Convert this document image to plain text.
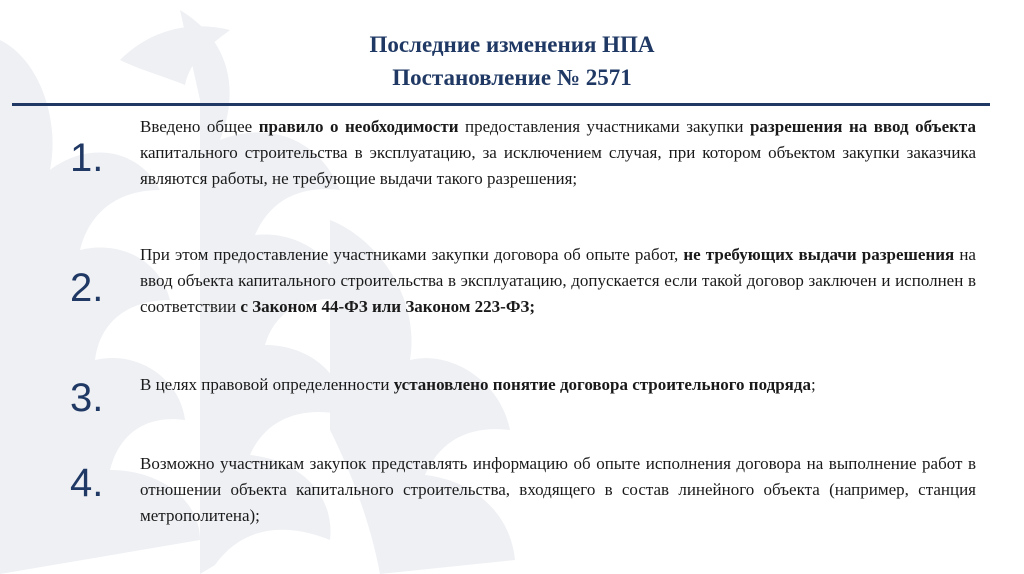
Последние изменения НПА
Постановление № 2571
1.

Введено общее правило о необходимости предоставления участниками закупки разрешения на ввод объекта капитального строительства в эксплуатацию, за исключением случая, при котором объектом закупки заказчика являются работы, не требующие выдачи такого разрешения;

2.

При этом предоставление участниками закупки договора об опыте работ, не требующих выдачи разрешения на ввод объекта капитального строительства в эксплуатацию, допускается если такой договор заключен и исполнен в соответствии с Законом 44-ФЗ или Законом 223-ФЗ;

3.	В целях правовой определенности установлено понятие договора строительного подряда;

4.	Возможно участникам закупок представлять информацию об опыте исполнения договора на выполнение работ в отношении объекта капитального строительства, входящего в состав линейного объекта (например, станция метрополитена);
